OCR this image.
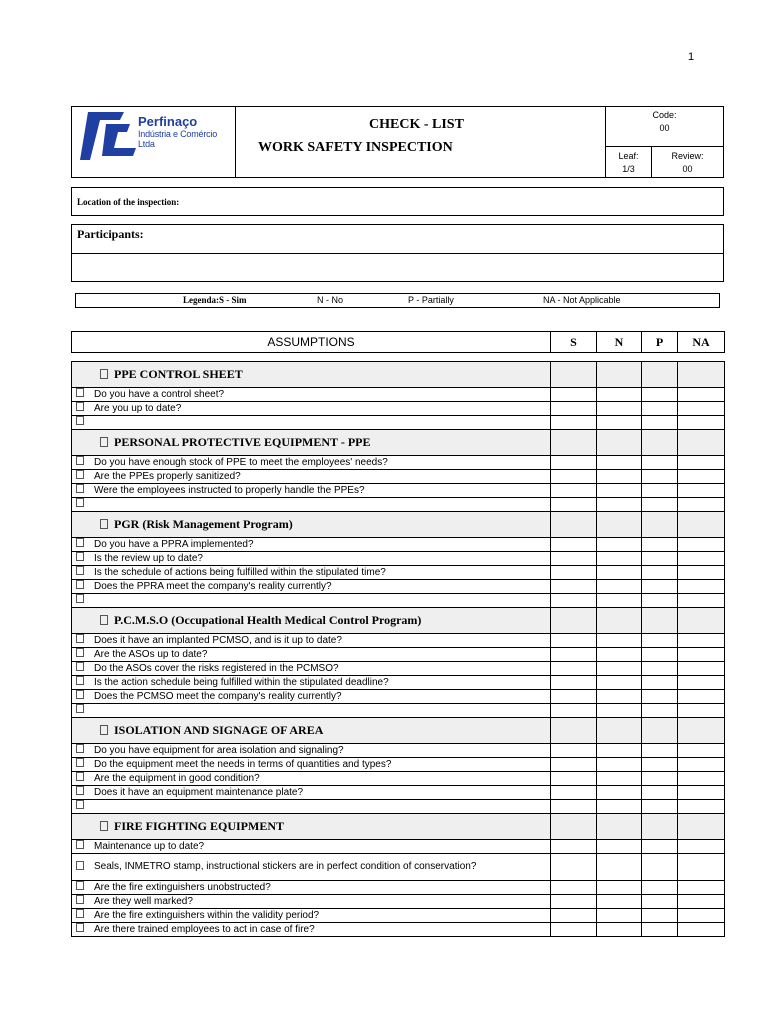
1
Perfinaço
Indústria e Comércio Ltda
CHECK - LIST
WORK SAFETY INSPECTION
Code:
00
Leaf:
1/3
Review:
00
Location of the inspection:
Participants:
Legenda:S - Sim	N - No	P - Partially	NA - Not Applicable
ASSUMPTIONS	S	N	P	NA

PPE CONTROL SHEET				
Do you have a control sheet?				
Are you up to date?				

PERSONAL PROTECTIVE EQUIPMENT - PPE				
Do you have enough stock of PPE to meet the employees' needs?				
Are the PPEs properly sanitized?				
Were the employees instructed to properly handle the PPEs?				

PGR (Risk Management Program)				
Do you have a PPRA implemented?				
Is the review up to date?				
Is the schedule of actions being fulfilled within the stipulated time?				
Does the PPRA meet the company's reality currently?				

P.C.M.S.O (Occupational Health Medical Control Program)				
Does it have an implanted PCMSO, and is it up to date?				
Are the ASOs up to date?				
Do the ASOs cover the risks registered in the PCMSO?				
Is the action schedule being fulfilled within the stipulated deadline?				
Does the PCMSO meet the company's reality currently?				

ISOLATION AND SIGNAGE OF AREA				
Do you have equipment for area isolation and signaling?				
Do the equipment meet the needs in terms of quantities and types?				
Are the equipment in good condition?				
Does it have an equipment maintenance plate?				

FIRE FIGHTING EQUIPMENT				
Maintenance up to date?				
Seals, INMETRO stamp, instructional stickers are in perfect condition of conservation?				
Are the fire extinguishers unobstructed?				
Are they well marked?				
Are the fire extinguishers within the validity period?				
Are there trained employees to act in case of fire?				
